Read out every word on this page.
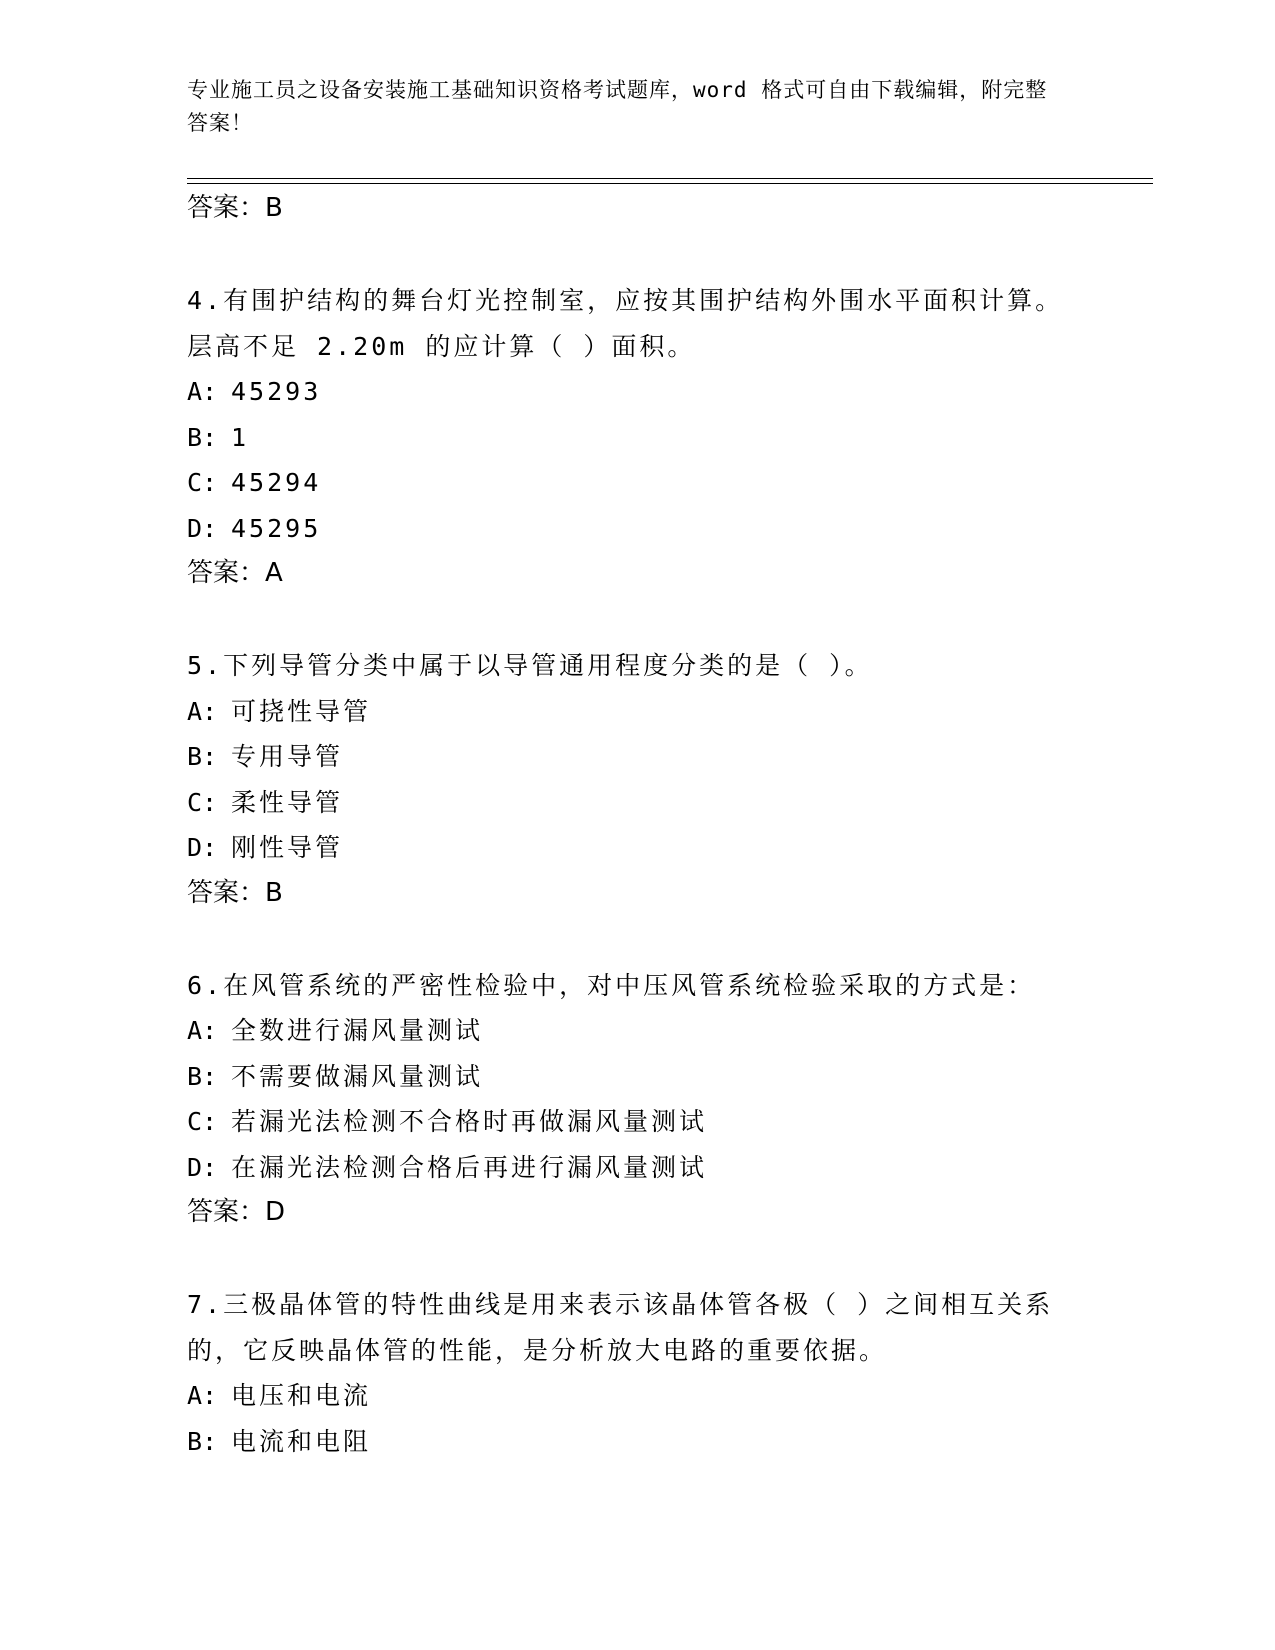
专业施工员之设备安装施工基础知识资格考试题库，word 格式可自由下载编辑，附完整答案！
答案：B
4.有围护结构的舞台灯光控制室，应按其围护结构外围水平面积计算。层高不足 2.20m 的应计算（ ）面积。
A: 45293
B: 1
C: 45294
D: 45295
答案：A
5.下列导管分类中属于以导管通用程度分类的是（ ）。
A: 可挠性导管
B: 专用导管
C: 柔性导管
D: 刚性导管
答案：B
6.在风管系统的严密性检验中，对中压风管系统检验采取的方式是：
A: 全数进行漏风量测试
B: 不需要做漏风量测试
C: 若漏光法检测不合格时再做漏风量测试
D: 在漏光法检测合格后再进行漏风量测试
答案：D
7.三极晶体管的特性曲线是用来表示该晶体管各极（ ）之间相互关系的，它反映晶体管的性能，是分析放大电路的重要依据。
A: 电压和电流
B: 电流和电阻
